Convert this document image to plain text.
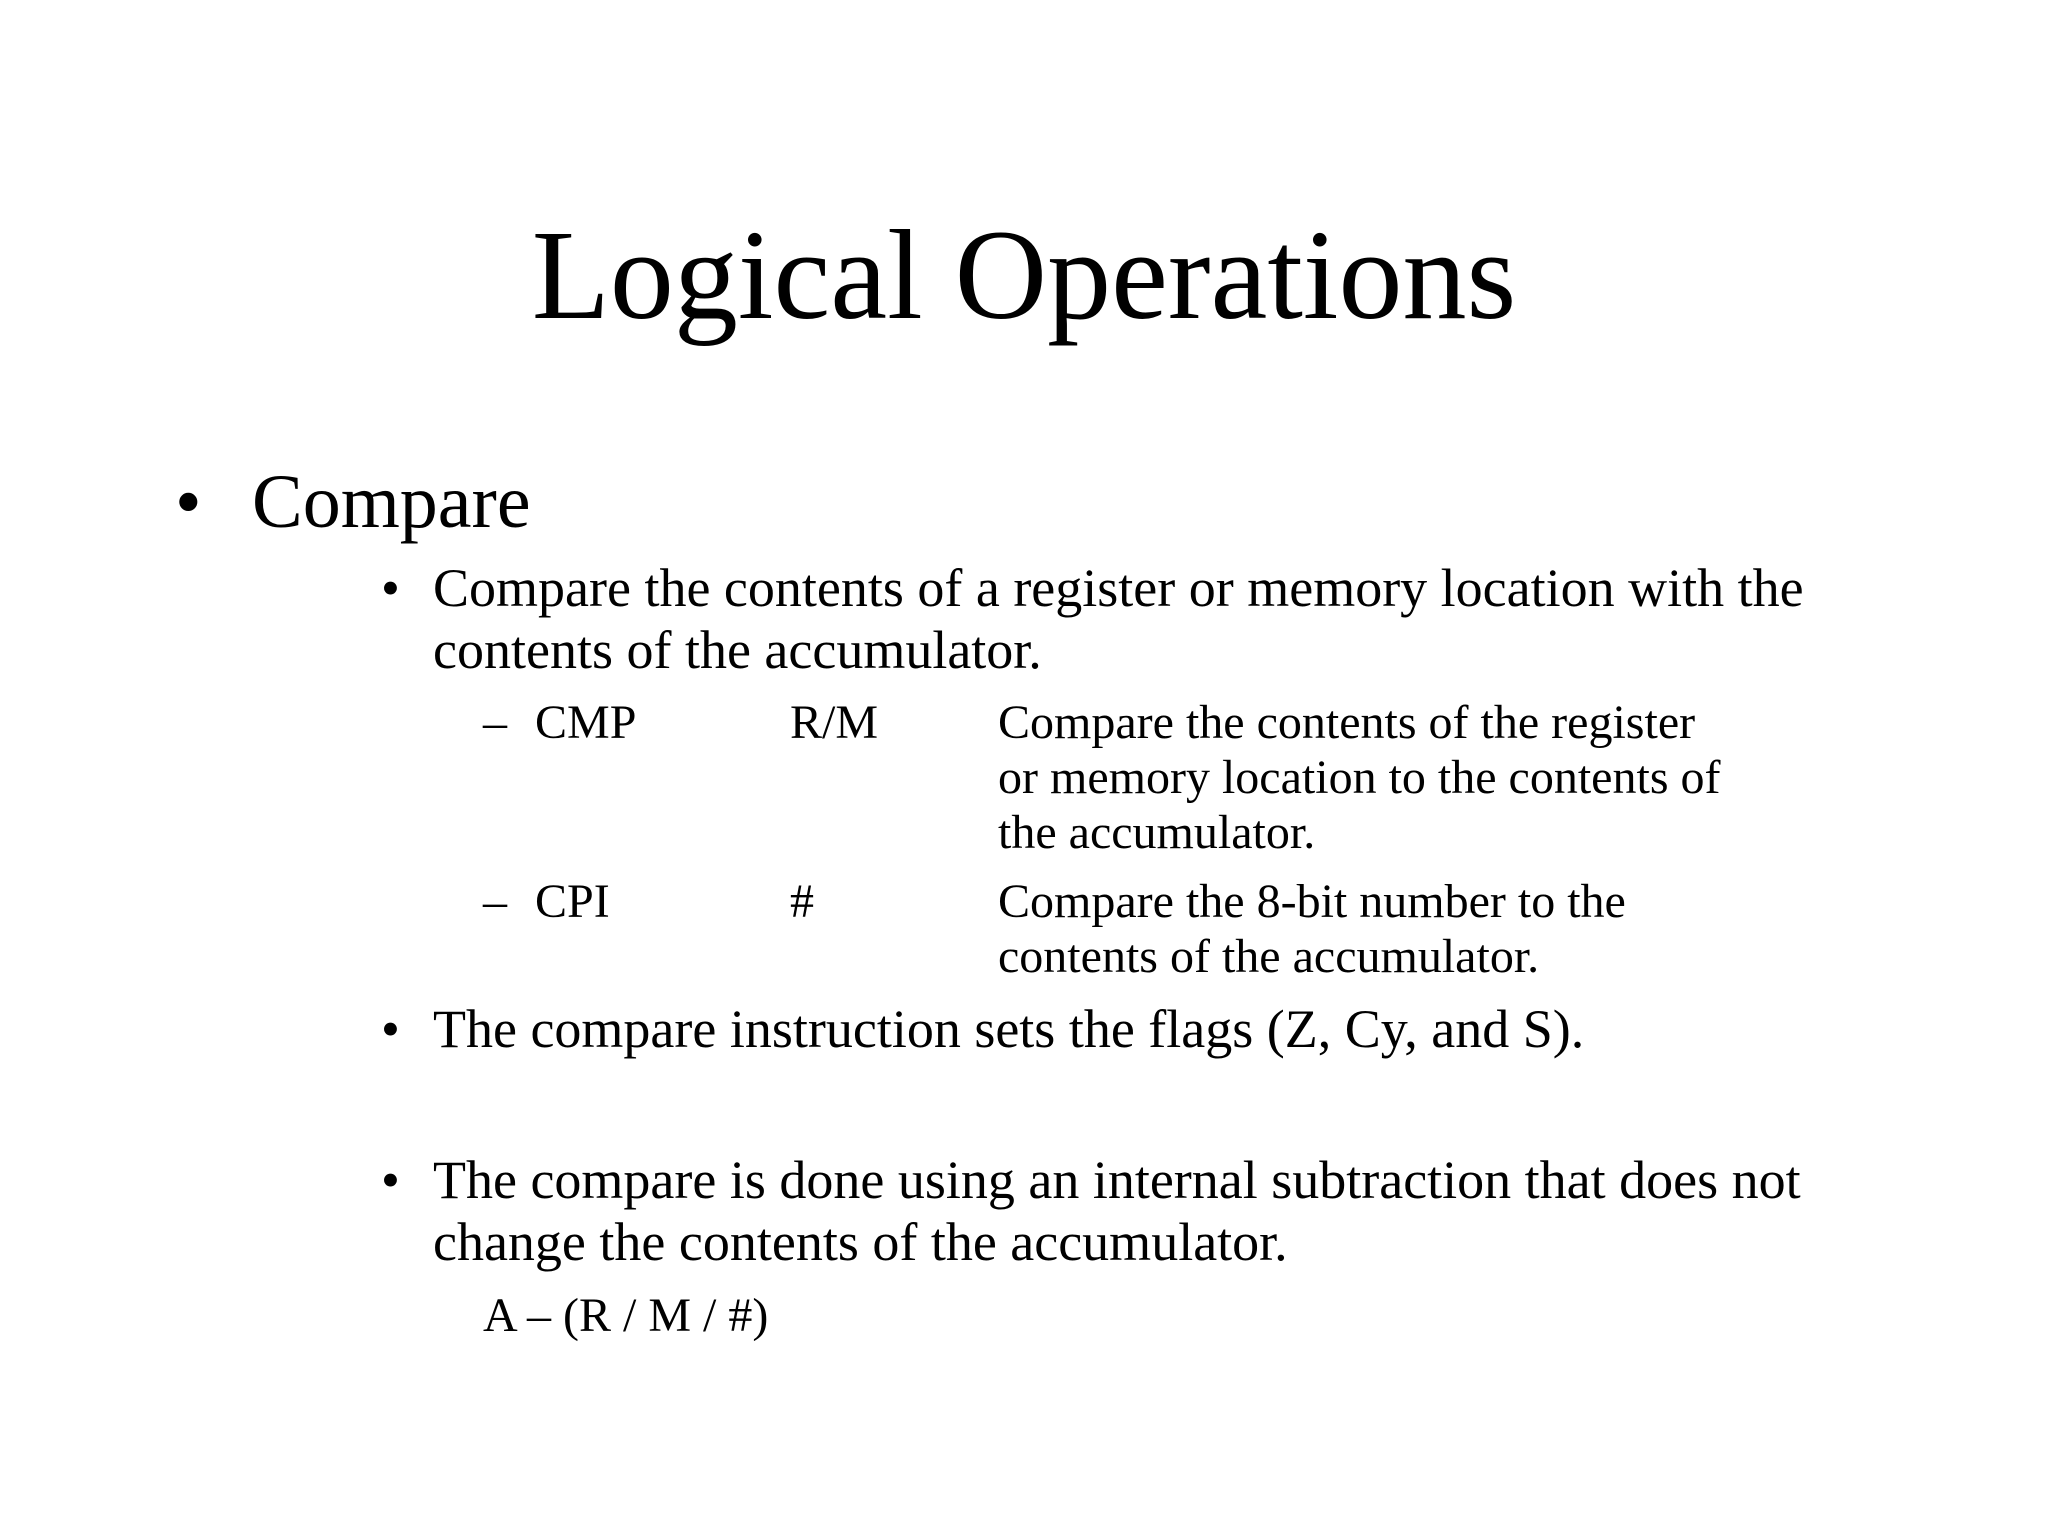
Logical Operations
• Compare
• Compare the contents of a register or memory location with the
contents of the accumulator.
– CMP	R/M Compare the contents of the register
or memory location to the contents of
the accumulator.
– CPI	#	Compare the 8-bit number to the
contents of the accumulator.
• The compare instruction sets the flags (Z, Cy, and S).
• The compare is done using an internal subtraction that does not
change the contents of the accumulator.
A – (R / M / #)
